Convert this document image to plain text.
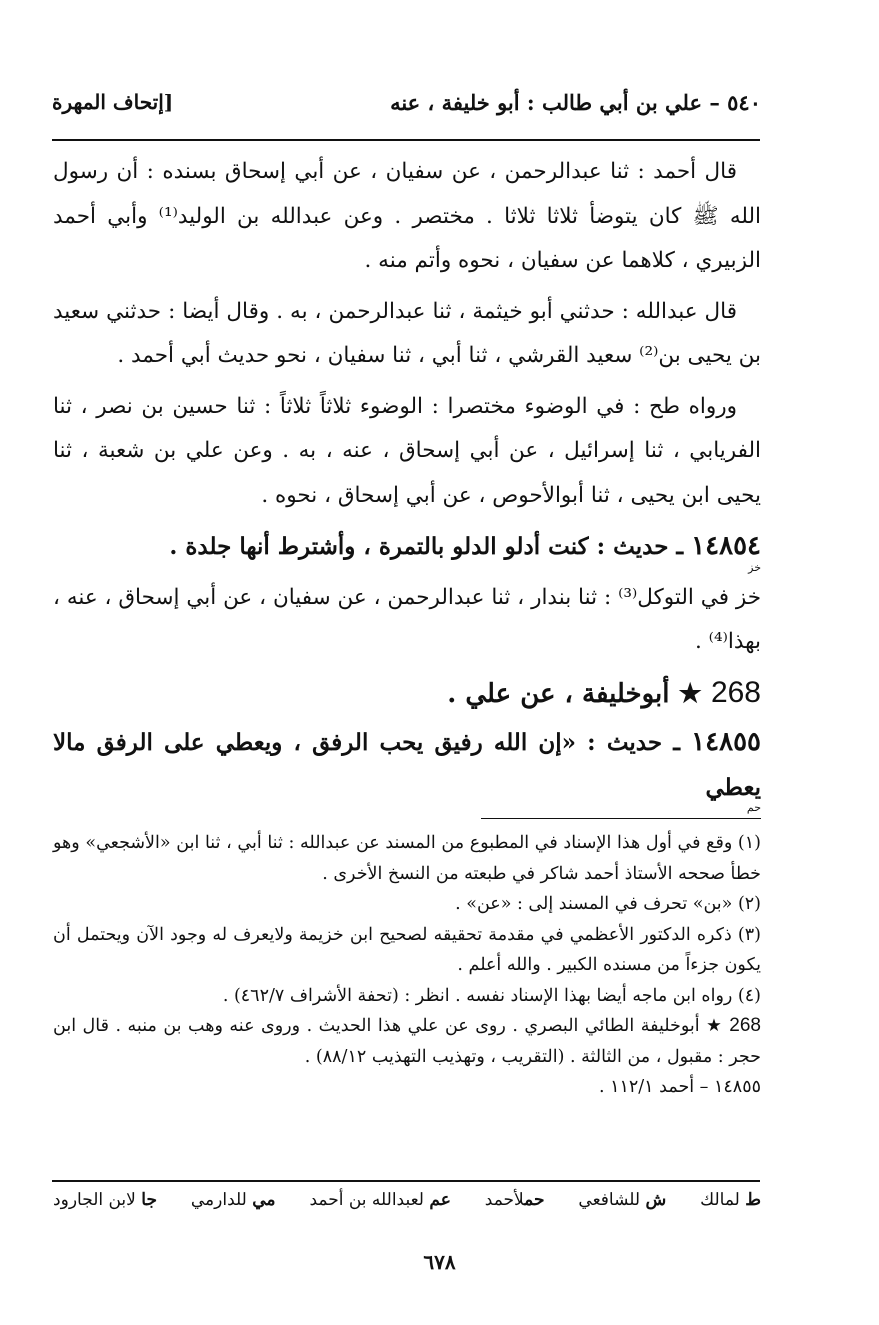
٥٤٠ – علي بن أبي طالب : أبو خليفة ، عنه
[إتحاف المهرة

قال أحمد : ثنا عبدالرحمن ، عن سفيان ، عن أبي إسحاق بسنده : أن رسول الله ﷺ كان يتوضأ ثلاثا ثلاثا . مختصر . وعن عبدالله بن الوليد⁽¹⁾ وأبي أحمد الزبيري ، كلاهما عن سفيان ، نحوه وأتم منه .

قال عبدالله : حدثني أبو خيثمة ، ثنا عبدالرحمن ، به . وقال أيضا : حدثني سعيد بن يحيى بن⁽²⁾ سعيد القرشي ، ثنا أبي ، ثنا سفيان ، نحو حديث أبي أحمد .

ورواه طح : في الوضوء مختصرا : الوضوء ثلاثاً ثلاثاً : ثنا حسين بن نصر ، ثنا الفريابي ، ثنا إسرائيل ، عن أبي إسحاق ، عنه ، به . وعن علي بن شعبة ، ثنا يحيى ابن يحيى ، ثنا أبوالأحوص ، عن أبي إسحاق ، نحوه .

١٤٨٥٤ ـ حديث : كنت أدلو الدلو بالتمرة ، وأشترط أنها جلدة .

خز

خز في التوكل⁽³⁾ : ثنا بندار ، ثنا عبدالرحمن ، عن سفيان ، عن أبي إسحاق ، عنه ، بهذا⁽⁴⁾ .

268 ★ أبوخليفة ، عن علي .

١٤٨٥٥ ـ حديث : «إن الله رفيق يحب الرفق ، ويعطي على الرفق مالا يعطي

حم

(١) وقع في أول هذا الإسناد في المطبوع من المسند عن عبدالله : ثنا أبي ، ثنا ابن «الأشجعي» وهو خطأ صححه الأستاذ أحمد شاكر في طبعته من النسخ الأخرى .

(٢) «بن» تحرف في المسند إلى : «عن» .

(٣) ذكره الدكتور الأعظمي في مقدمة تحقيقه لصحيح ابن خزيمة ولايعرف له وجود الآن ويحتمل أن يكون جزءاً من مسنده الكبير . والله أعلم .

(٤) رواه ابن ماجه أيضا بهذا الإسناد نفسه . انظر : (تحفة الأشراف ٤٦٢/٧) .

268 ★ أبوخليفة الطائي البصري . روى عن علي هذا الحديث . وروى عنه وهب بن منبه . قال ابن حجر : مقبول ، من الثالثة . (التقريب ، وتهذيب التهذيب ٨٨/١٢) .

١٤٨٥٥ – أحمد ١١٢/١ .

ط لمالك
ش للشافعي
حملأحمد
عم لعبدالله بن أحمد
مي للدارمي
جا لابن الجارود
٦٧٨
